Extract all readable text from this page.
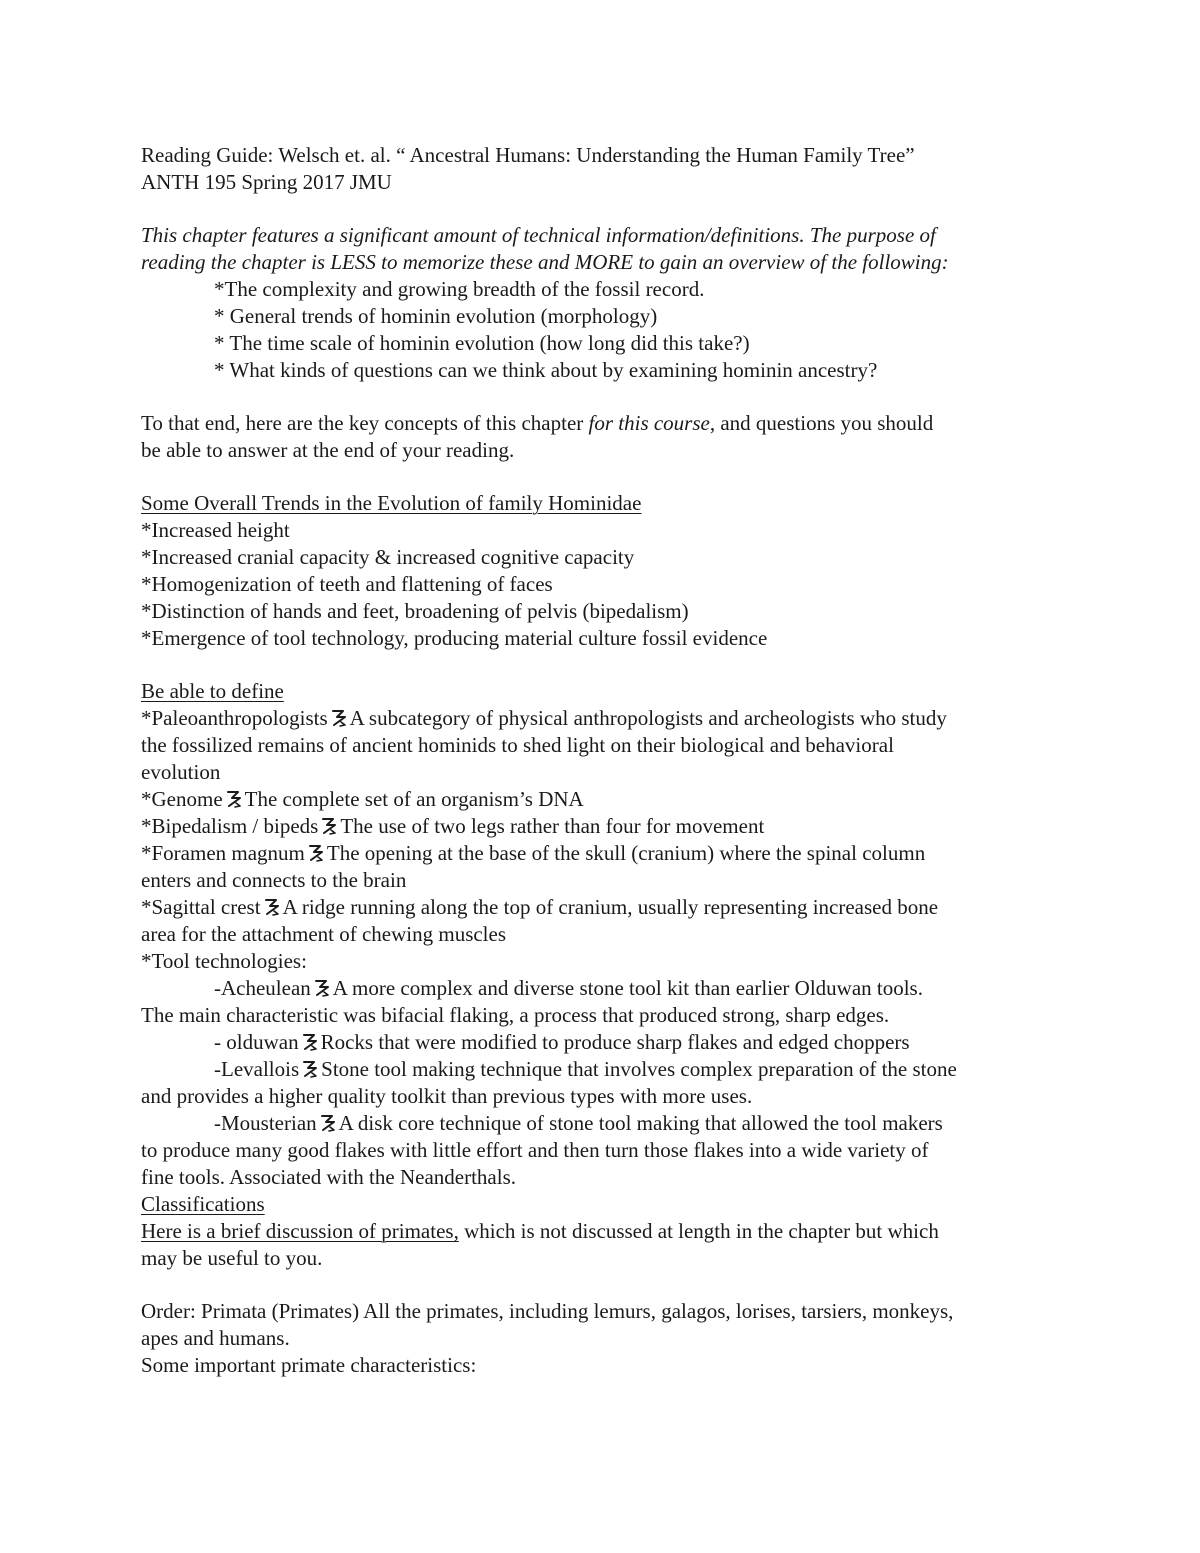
Reading Guide: Welsch et. al. “ Ancestral Humans: Understanding the Human Family Tree”
ANTH 195 Spring 2017 JMU
This chapter features a significant amount of technical information/definitions. The purpose of
reading the chapter is LESS to memorize these and MORE to gain an overview of the following:
*The complexity and growing breadth of the fossil record.
* General trends of hominin evolution (morphology)
* The time scale of hominin evolution (how long did this take?)
* What kinds of questions can we think about by examining hominin ancestry?
To that end, here are the key concepts of this chapter for this course, and questions you should
be able to answer at the end of your reading.
Some Overall Trends in the Evolution of family Hominidae
*Increased height
*Increased cranial capacity & increased cognitive capacity
*Homogenization of teeth and flattening of faces
*Distinction of hands and feet, broadening of pelvis (bipedalism)
*Emergence of tool technology, producing material culture fossil evidence
Be able to define
*Paleoanthropologists A subcategory of physical anthropologists and archeologists who study
the fossilized remains of ancient hominids to shed light on their biological and behavioral
evolution
*Genome The complete set of an organism’s DNA
*Bipedalism / bipeds The use of two legs rather than four for movement
*Foramen magnum The opening at the base of the skull (cranium) where the spinal column
enters and connects to the brain
*Sagittal crest A ridge running along the top of cranium, usually representing increased bone
area for the attachment of chewing muscles
*Tool technologies:
-Acheulean A more complex and diverse stone tool kit than earlier Olduwan tools.
The main characteristic was bifacial flaking, a process that produced strong, sharp edges.
- olduwan Rocks that were modified to produce sharp flakes and edged choppers
-Levallois Stone tool making technique that involves complex preparation of the stone
and provides a higher quality toolkit than previous types with more uses.
-Mousterian A disk core technique of stone tool making that allowed the tool makers
to produce many good flakes with little effort and then turn those flakes into a wide variety of
fine tools. Associated with the Neanderthals.
Classifications
Here is a brief discussion of primates, which is not discussed at length in the chapter but which
may be useful to you.
Order: Primata (Primates) All the primates, including lemurs, galagos, lorises, tarsiers, monkeys,
apes and humans.
Some important primate characteristics:
